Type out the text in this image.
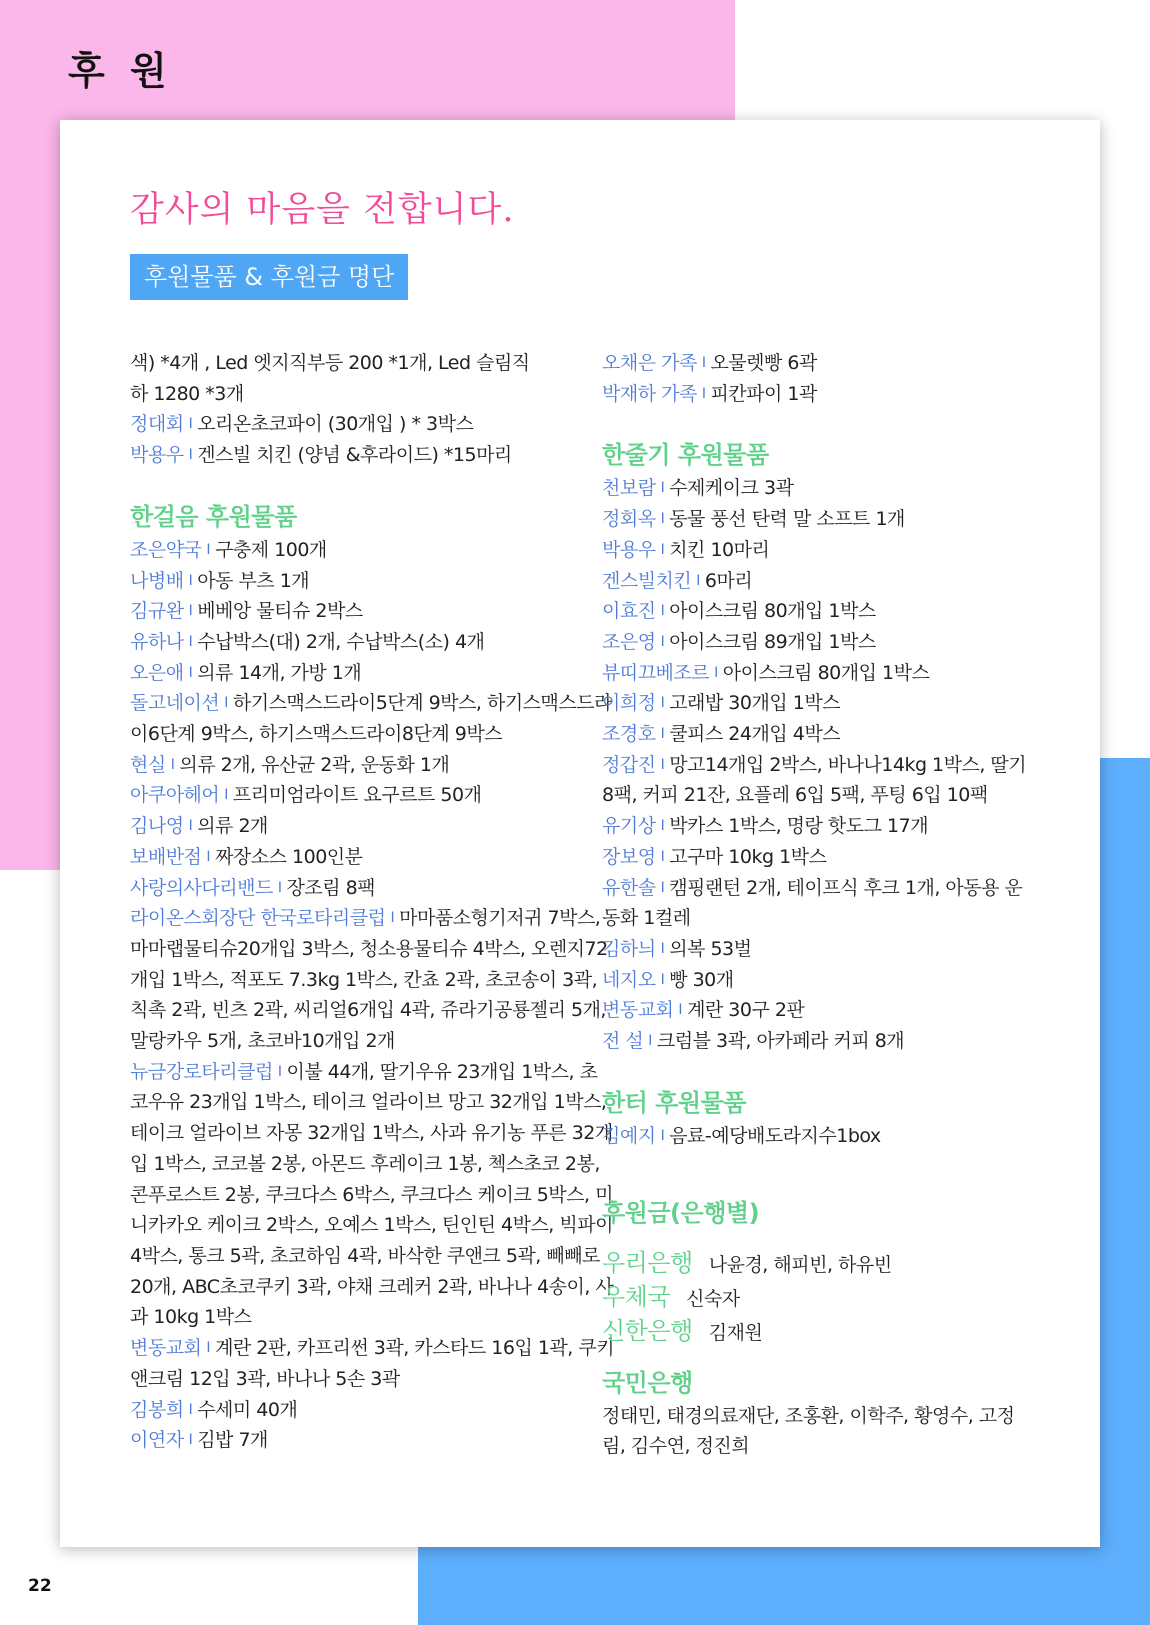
후 원
22
감사의 마음을 전합니다.
후원물품 & 후원금 명단

색) *4개 , Led 엣지직부등 200 *1개, Led 슬림직

하 1280 *3개

정대회 I 오리온초코파이 (30개입 ) * 3박스

박용우 I 겐스빌 치킨 (양념 &후라이드) *15마리

한걸음 후원물품

조은약국 I 구충제 100개

나병배 I 아동 부츠 1개

김규완 I 베베앙 물티슈 2박스

유하나 I 수납박스(대) 2개, 수납박스(소) 4개

오은애 I 의류 14개, 가방 1개

돌고네이션 I 하기스맥스드라이5단계 9박스, 하기스맥스드라이6단계 9박스, 하기스맥스드라이8단계 9박스

현실 I 의류 2개, 유산균 2곽, 운동화 1개

아쿠아헤어 I 프리미엄라이트 요구르트 50개

김나영 I 의류 2개

보배반점 I 짜장소스 100인분

사랑의사다리밴드 I 장조림 8팩

라이온스회장단 한국로타리클럽 I 마마품소형기저귀 7박스, 마마랩물티슈20개입 3박스, 청소용물티슈 4박스, 오렌지72개입 1박스, 적포도 7.3kg 1박스, 칸쵸 2곽, 초코송이 3곽, 칙촉 2곽, 빈츠 2곽, 씨리얼6개입 4곽, 쥬라기공룡젤리 5개, 말랑카우 5개, 초코바10개입 2개

뉴금강로타리클럽 I 이불 44개, 딸기우유 23개입 1박스, 초코우유 23개입 1박스, 테이크 얼라이브 망고 32개입 1박스, 테이크 얼라이브 자몽 32개입 1박스, 사과 유기농 푸른 32개입 1박스, 코코볼 2봉, 아몬드 후레이크 1봉, 첵스초코 2봉, 콘푸로스트 2봉, 쿠크다스 6박스, 쿠크다스 케이크 5박스, 미니카카오 케이크 2박스, 오예스 1박스, 틴인틴 4박스, 빅파이 4박스, 통크 5곽, 초코하임 4곽, 바삭한 쿠앤크 5곽, 빼빼로 20개, ABC초코쿠키 3곽, 야채 크레커 2곽, 바나나 4송이, 사과 10kg 1박스

변동교회 I 계란 2판, 카프리썬 3곽, 카스타드 16입 1곽, 쿠키앤크림 12입 3곽, 바나나 5손 3곽

김봉희 I 수세미 40개

이연자 I 김밥 7개

오채은 가족 I 오물렛빵 6곽

박재하 가족 I 피칸파이 1곽

한줄기 후원물품

천보람 I 수제케이크 3곽

정회옥 I 동물 풍선 탄력 말 소프트 1개

박용우 I 치킨 10마리

겐스빌치킨 I 6마리

이효진 I 아이스크림 80개입 1박스

조은영 I 아이스크림 89개입 1박스

뷰띠끄베조르 I 아이스크림 80개입 1박스

이희정 I 고래밥 30개입 1박스

조경호 I 쿨피스 24개입 4박스

정갑진 I 망고14개입 2박스, 바나나14kg 1박스, 딸기 8팩, 커피 21잔, 요플레 6입 5팩, 푸팅 6입 10팩

유기상 I 박카스 1박스, 명랑 핫도그 17개

장보영 I 고구마 10kg 1박스

유한솔 I 캠핑랜턴 2개, 테이프식 후크 1개, 아동용 운동화 1컬레

김하늬 I 의복 53벌

네지오 I 빵 30개

변동교회 I 계란 30구 2판

전 설 I 크럼블 3곽, 아카페라 커피 8개

한터 후원물품

김예지 I 음료-예당배도라지수1box

후원금(은행별)

우리은행 나윤경, 해피빈, 하유빈

우체국 신숙자

신한은행 김재원

국민은행

정태민, 태경의료재단, 조홍환, 이학주, 황영수, 고정림, 김수연, 정진희
